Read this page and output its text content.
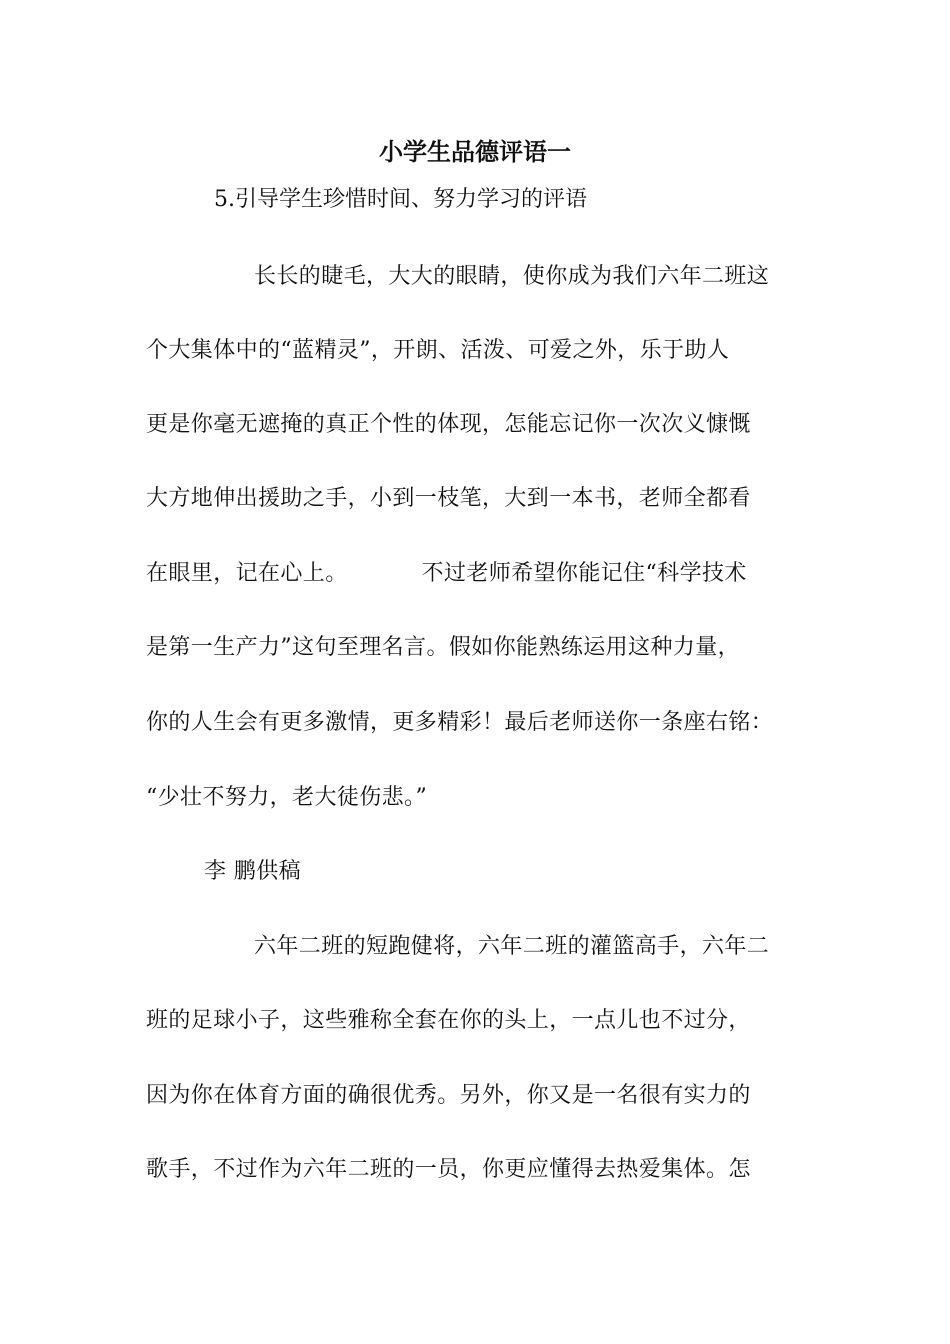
小学生品德评语一
5.引导学生珍惜时间、努力学习的评语
长长的睫毛，大大的眼睛，使你成为我们六年二班这
个大集体中的“蓝精灵”，开朗、活泼、可爱之外，乐于助人
更是你毫无遮掩的真正个性的体现，怎能忘记你一次次义慷慨
大方地伸出援助之手，小到一枝笔，大到一本书，老师全都看
在眼里，记在心上。          不过老师希望你能记住“科学技术
是第一生产力”这句至理名言。假如你能熟练运用这种力量，
你的人生会有更多激情，更多精彩！最后老师送你一条座右铭：
“少壮不努力，老大徒伤悲。”
李 鹏供稿
六年二班的短跑健将，六年二班的灌篮高手，六年二
班的足球小子，这些雅称全套在你的头上，一点儿也不过分，
因为你在体育方面的确很优秀。另外，你又是一名很有实力的
歌手，不过作为六年二班的一员，你更应懂得去热爱集体。怎
